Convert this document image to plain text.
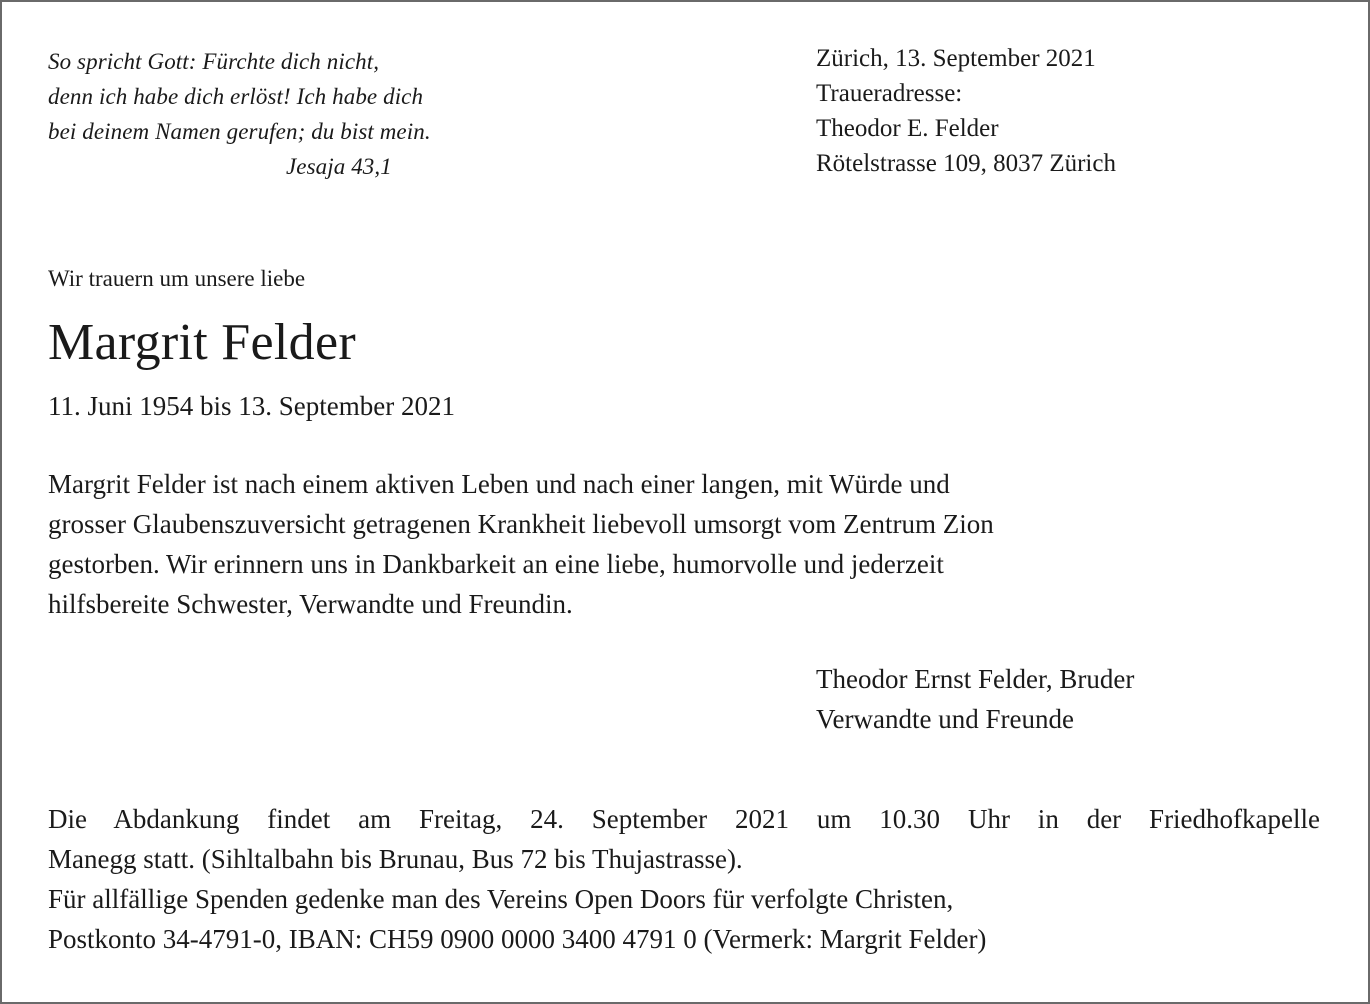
So spricht Gott: Fürchte dich nicht,
denn ich habe dich erlöst! Ich habe dich
bei deinem Namen gerufen; du bist mein.
Jesaja 43,1
Zürich, 13. September 2021
Traueradresse:
Theodor E. Felder
Rötelstrasse 109, 8037 Zürich
Wir trauern um unsere liebe
Margrit Felder
11. Juni 1954 bis 13. September 2021
Margrit Felder ist nach einem aktiven Leben und nach einer langen, mit Würde und
grosser Glaubenszuversicht getragenen Krankheit liebevoll umsorgt vom Zentrum Zion
gestorben. Wir erinnern uns in Dankbarkeit an eine liebe, humorvolle und jederzeit
hilfsbereite Schwester, Verwandte und Freundin.
Theodor Ernst Felder, Bruder
Verwandte und Freunde
Die Abdankung findet am Freitag, 24. September 2021 um 10.30 Uhr in der Friedhofkapelle
Manegg statt. (Sihltalbahn bis Brunau, Bus 72 bis Thujastrasse).
Für allfällige Spenden gedenke man des Vereins Open Doors für verfolgte Christen,
Postkonto 34-4791-0, IBAN: CH59 0900 0000 3400 4791 0 (Vermerk: Margrit Felder)
